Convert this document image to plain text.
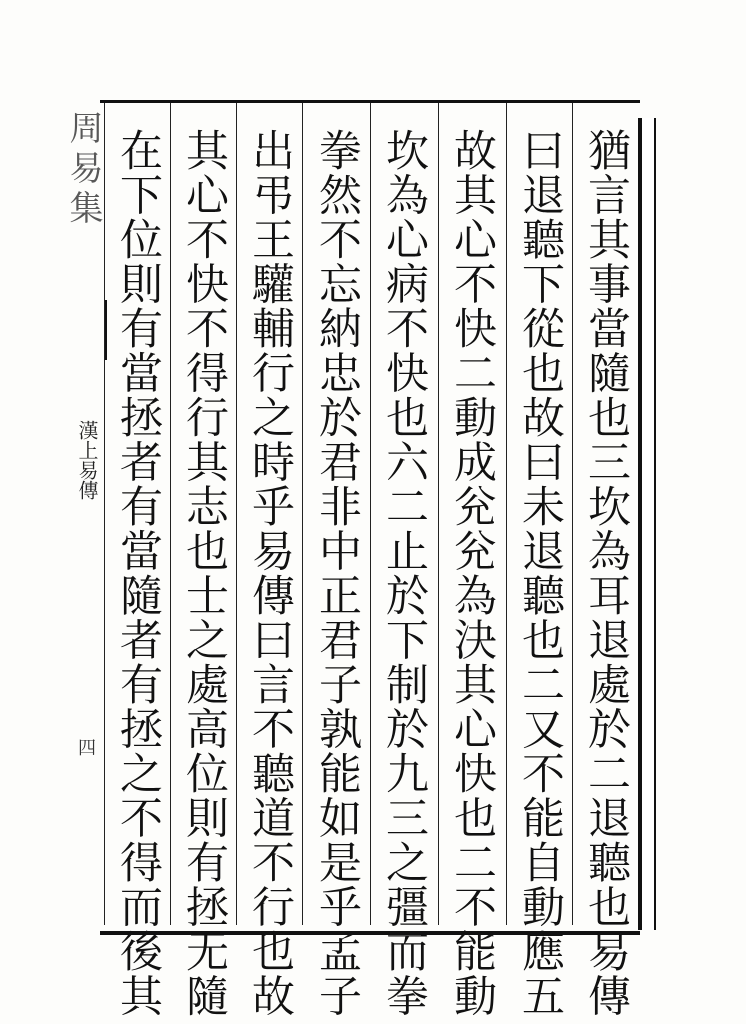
周易集
漢上易傳
四	猶言其事當隨也三坎為耳退處於二退聽也易傳
曰退聽下從也故曰未退聽也二又不能自動應五
故其心不快二動成兊兊為決其心快也二不能動
坎為心病不快也六二止於下制於九三之彊而拳
拳然不忘納忠於君非中正君子孰能如是乎孟子
出弔王驩輔行之時乎易傳曰言不聽道不行也故
其心不快不得行其志也士之處高位則有拯无隨
在下位則有當拯者有當隨者有拯之不得而後其
